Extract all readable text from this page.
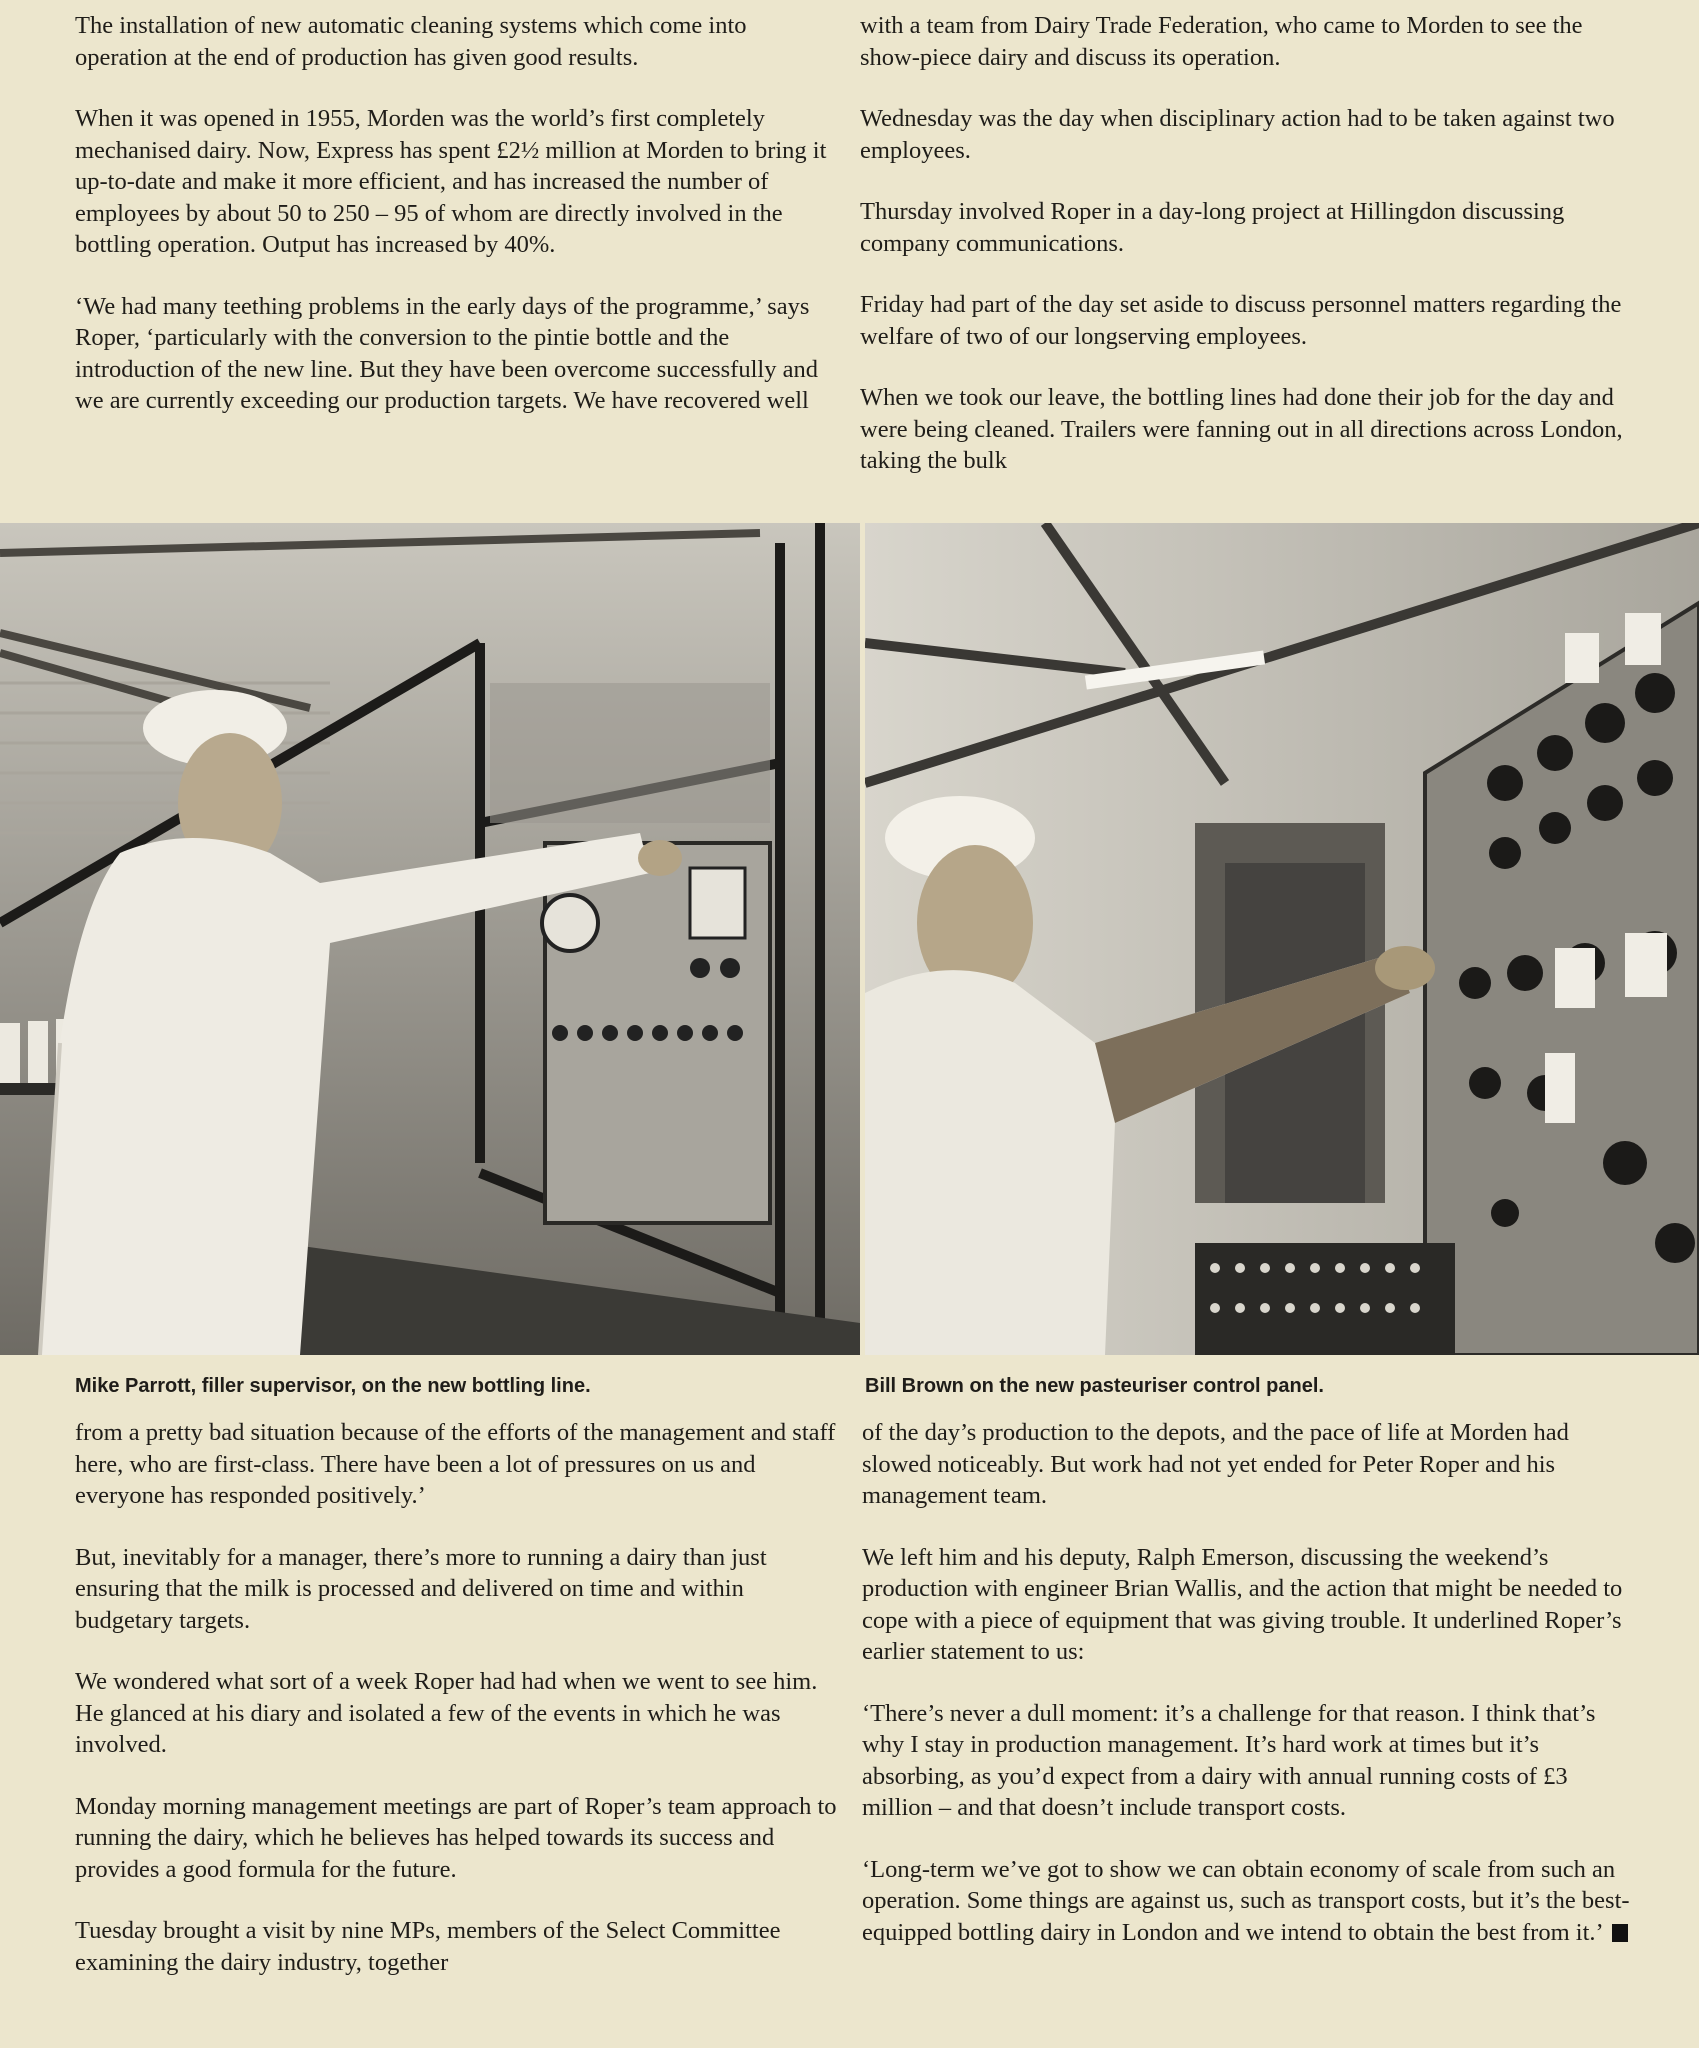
The installation of new automatic cleaning systems which come into operation at the end of production has given good results.

When it was opened in 1955, Morden was the world’s first completely mechanised dairy. Now, Express has spent £2½ million at Morden to bring it up-to-date and make it more efficient, and has increased the number of employees by about 50 to 250 – 95 of whom are directly involved in the bottling operation. Output has increased by 40%.

‘We had many teething problems in the early days of the programme,’ says Roper, ‘particularly with the conversion to the pintie bottle and the introduction of the new line. But they have been overcome successfully and we are currently exceeding our production targets. We have recovered well

with a team from Dairy Trade Federation, who came to Morden to see the show-piece dairy and discuss its operation.

Wednesday was the day when disciplinary action had to be taken against two employees.

Thursday involved Roper in a day-long project at Hillingdon discussing company communications.

Friday had part of the day set aside to discuss personnel matters regarding the welfare of two of our longserving employees.

When we took our leave, the bottling lines had done their job for the day and were being cleaned. Trailers were fanning out in all directions across London, taking the bulk

Mike Parrott, filler supervisor, on the new bottling line.	Bill Brown on the new pasteuriser control panel.

from a pretty bad situation because of the efforts of the management and staff here, who are first-class. There have been a lot of pressures on us and everyone has responded positively.’

But, inevitably for a manager, there’s more to running a dairy than just ensuring that the milk is processed and delivered on time and within budgetary targets.

We wondered what sort of a week Roper had had when we went to see him. He glanced at his diary and isolated a few of the events in which he was involved.

Monday morning management meetings are part of Roper’s team approach to running the dairy, which he believes has helped towards its success and provides a good formula for the future.

Tuesday brought a visit by nine MPs, members of the Select Committee examining the dairy industry, together

of the day’s production to the depots, and the pace of life at Morden had slowed noticeably. But work had not yet ended for Peter Roper and his management team.

We left him and his deputy, Ralph Emerson, discussing the weekend’s production with engineer Brian Wallis, and the action that might be needed to cope with a piece of equipment that was giving trouble. It underlined Roper’s earlier statement to us:

‘There’s never a dull moment: it’s a challenge for that reason. I think that’s why I stay in production management. It’s hard work at times but it’s absorbing, as you’d expect from a dairy with annual running costs of £3 million – and that doesn’t include transport costs.

‘Long-term we’ve got to show we can obtain economy of scale from such an operation. Some things are against us, such as transport costs, but it’s the best-equipped bottling dairy in London and we intend to obtain the best from it.’
